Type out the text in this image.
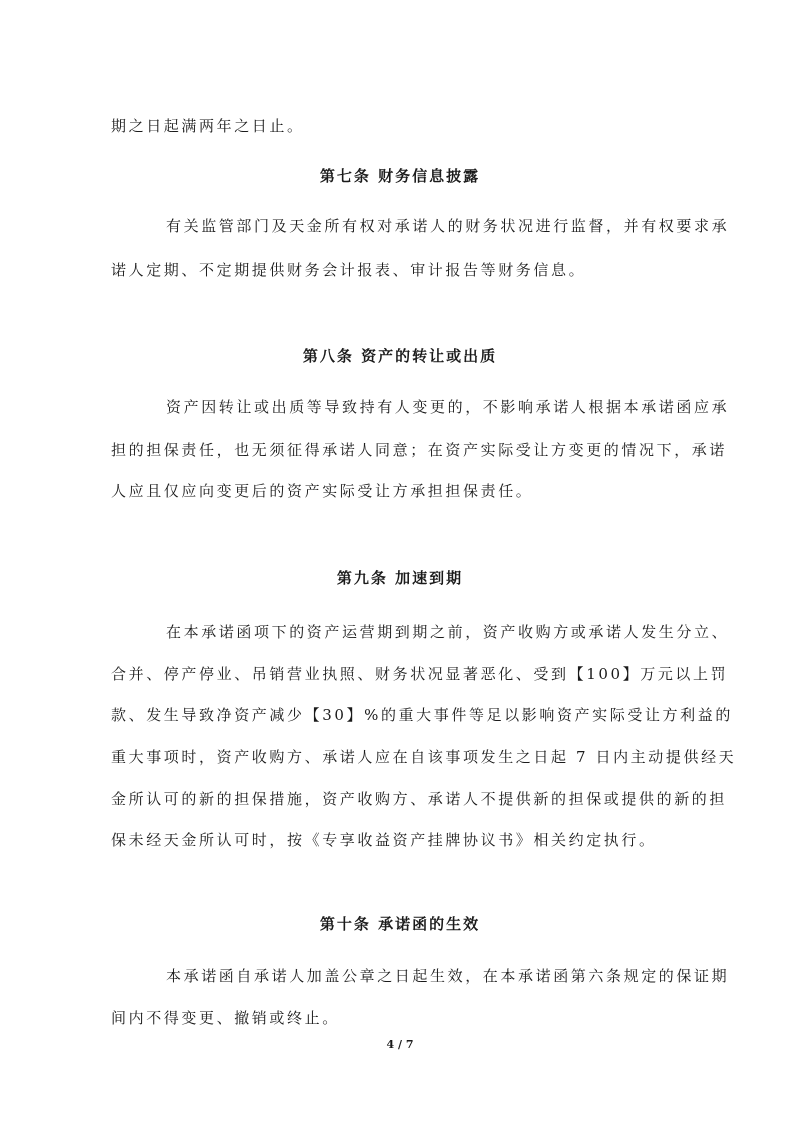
期之日起满两年之日止。
第七条 财务信息披露
有关监管部门及天金所有权对承诺人的财务状况进行监督，并有权要求承
诺人定期、不定期提供财务会计报表、审计报告等财务信息。
第八条 资产的转让或出质
资产因转让或出质等导致持有人变更的，不影响承诺人根据本承诺函应承
担的担保责任，也无须征得承诺人同意；在资产实际受让方变更的情况下，承诺
人应且仅应向变更后的资产实际受让方承担担保责任。
第九条 加速到期
在本承诺函项下的资产运营期到期之前，资产收购方或承诺人发生分立、
合并、停产停业、吊销营业执照、财务状况显著恶化、受到【100】万元以上罚
款、发生导致净资产减少【30】%的重大事件等足以影响资产实际受让方利益的
重大事项时，资产收购方、承诺人应在自该事项发生之日起 7 日内主动提供经天
金所认可的新的担保措施，资产收购方、承诺人不提供新的担保或提供的新的担
保未经天金所认可时，按《专享收益资产挂牌协议书》相关约定执行。
第十条 承诺函的生效
本承诺函自承诺人加盖公章之日起生效，在本承诺函第六条规定的保证期
间内不得变更、撤销或终止。
4 / 7
